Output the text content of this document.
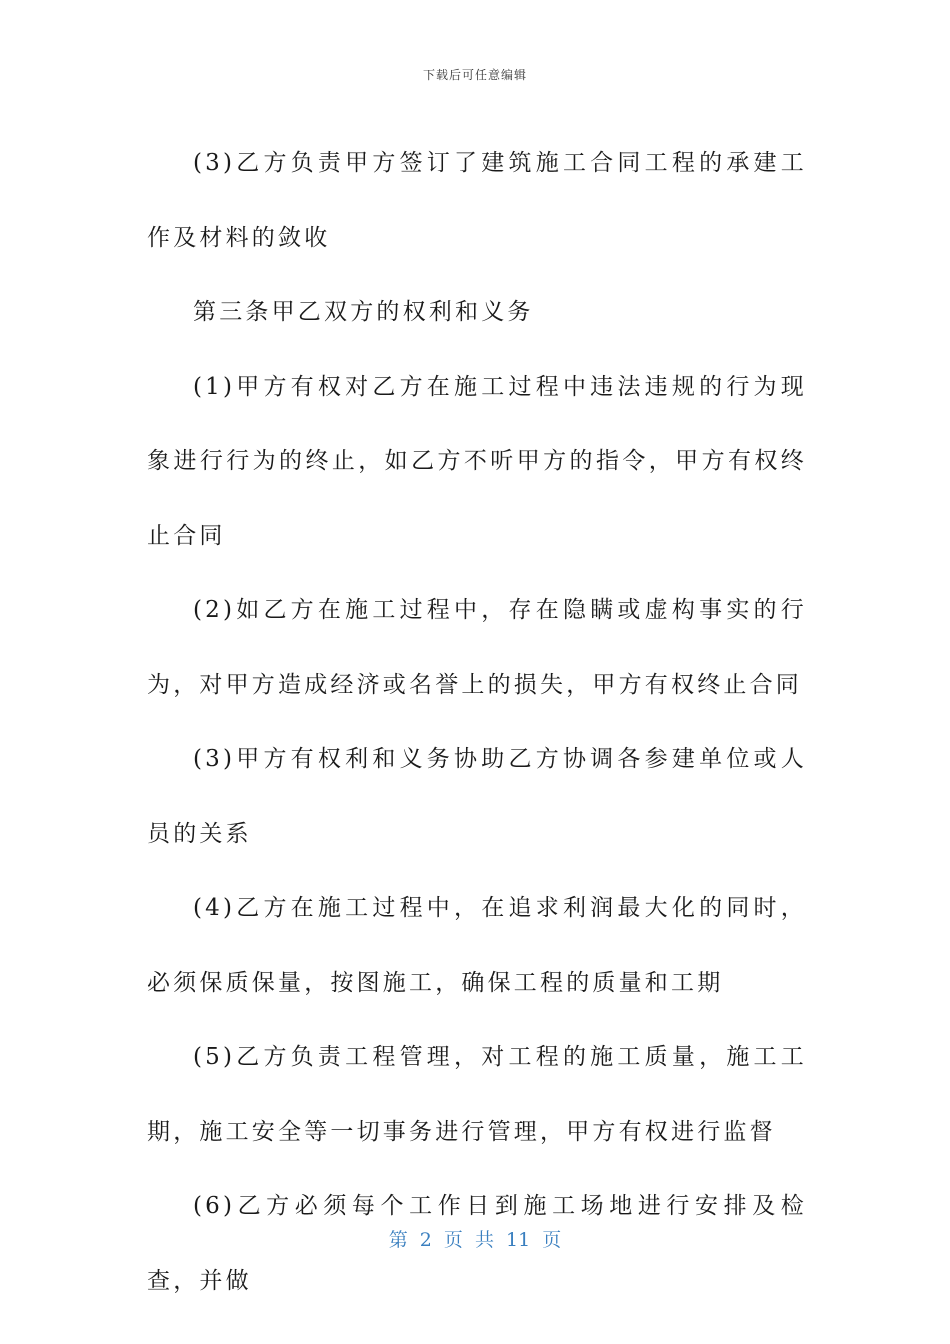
下载后可任意编辑

(3)乙方负责甲方签订了建筑施工合同工程的承建工作及材料的敛收

第三条甲乙双方的权利和义务

(1)甲方有权对乙方在施工过程中违法违规的行为现象进行行为的终止，如乙方不听甲方的指令，甲方有权终止合同

(2)如乙方在施工过程中，存在隐瞒或虚构事实的行为，对甲方造成经济或名誉上的损失，甲方有权终止合同

(3)甲方有权利和义务协助乙方协调各参建单位或人员的关系

(4)乙方在施工过程中，在追求利润最大化的同时，必须保质保量，按图施工，确保工程的质量和工期

(5)乙方负责工程管理，对工程的施工质量，施工工期，施工安全等一切事务进行管理，甲方有权进行监督

(6)乙方必须每个工作日到施工场地进行安排及检查，并做

第 2 页 共 11 页
